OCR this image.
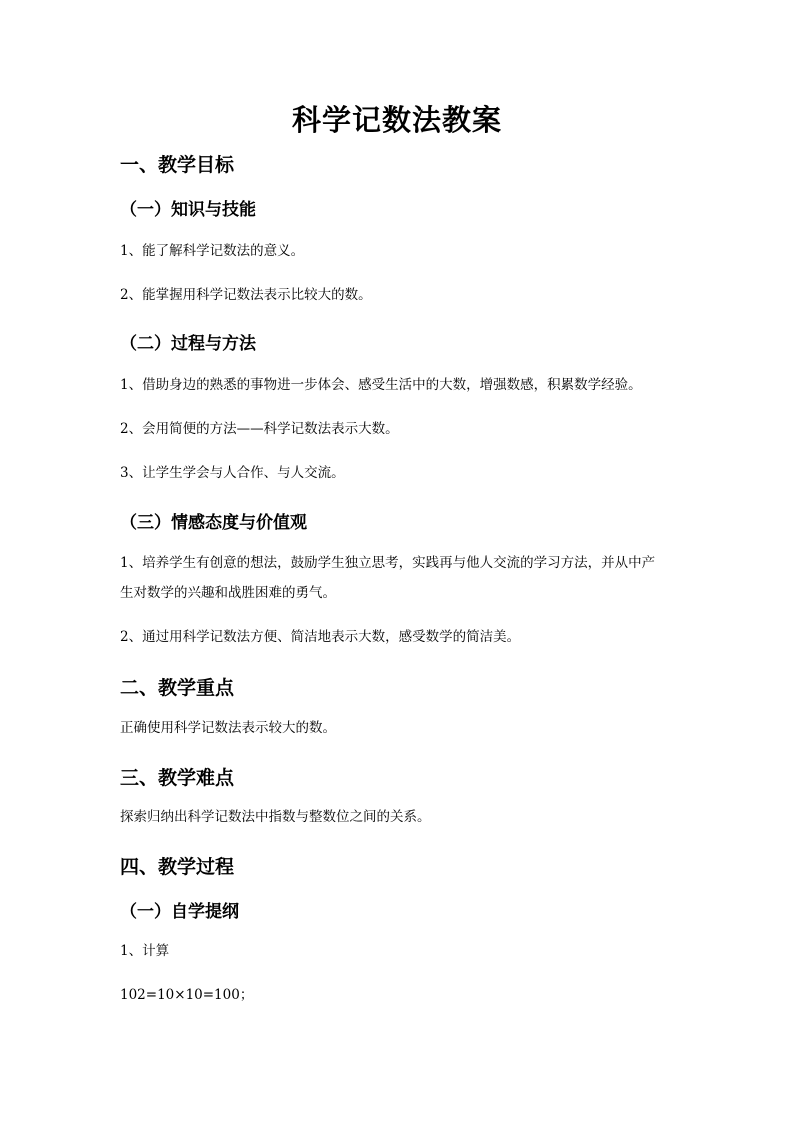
科学记数法教案
一、教学目标
（一）知识与技能

1、能了解科学记数法的意义。

2、能掌握用科学记数法表示比较大的数。

（二）过程与方法

1、借助身边的熟悉的事物进一步体会、感受生活中的大数，增强数感，积累数学经验。

2、会用简便的方法——科学记数法表示大数。

3、让学生学会与人合作、与人交流。

（三）情感态度与价值观

1、培养学生有创意的想法，鼓励学生独立思考，实践再与他人交流的学习方法，并从中产

生对数学的兴趣和战胜困难的勇气。

2、通过用科学记数法方便、简洁地表示大数，感受数学的简洁美。

二、教学重点

正确使用科学记数法表示较大的数。

三、教学难点

探索归纳出科学记数法中指数与整数位之间的关系。

四、教学过程
（一）自学提纲

1、计算

102=10×10=100；
